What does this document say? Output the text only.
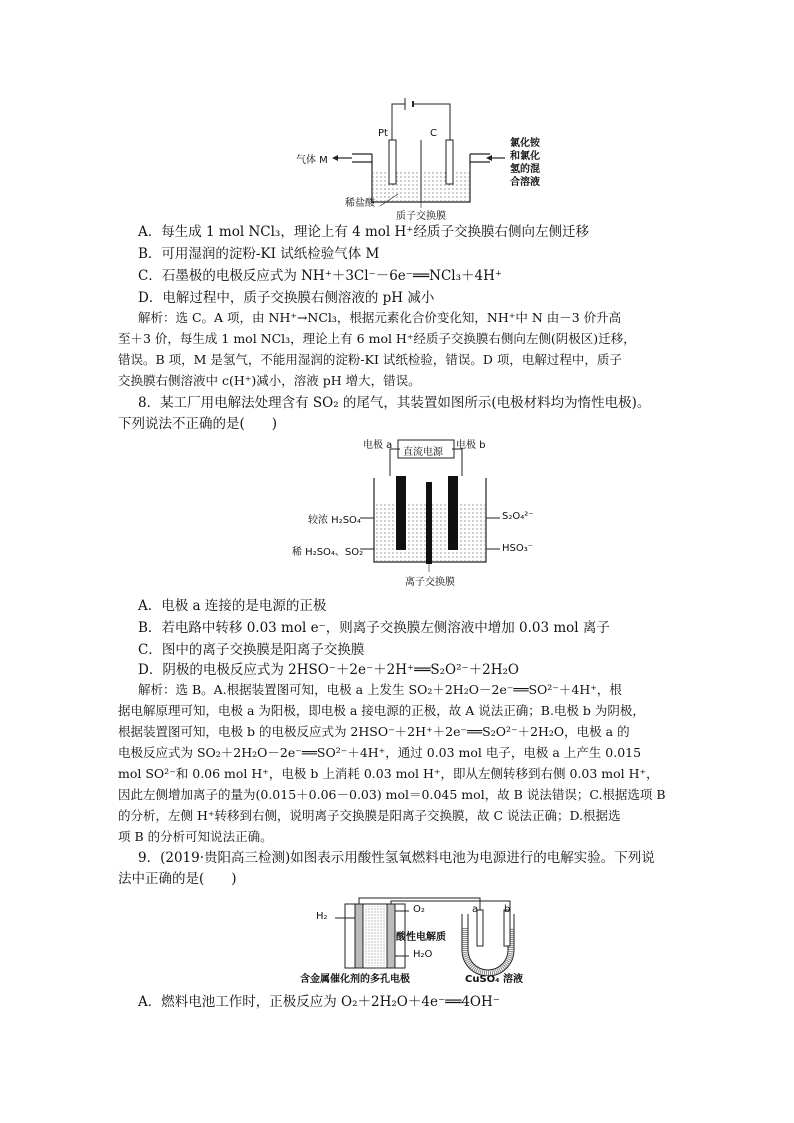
Pt	C
气体 M
氯化铵
和氯化
氢的混
合溶液
稀盐酸
质子交换膜
A．每生成 1 mol NCl₃，理论上有 4 mol H⁺经质子交换膜右侧向左侧迁移
B．可用湿润的淀粉-KI 试纸检验气体 M
C．石墨极的电极反应式为 NH⁺＋3Cl⁻－6e⁻══NCl₃＋4H⁺
D．电解过程中，质子交换膜右侧溶液的 pH 减小
解析：选 C。A 项，由 NH⁺→NCl₃，根据元素化合价变化知，NH⁺中 N 由－3 价升高
至＋3 价，每生成 1 mol NCl₃，理论上有 6 mol H⁺经质子交换膜右侧向左侧(阴极区)迁移，
错误。B 项，M 是氢气，不能用湿润的淀粉-KI 试纸检验，错误。D 项，电解过程中，质子
交换膜右侧溶液中 c(H⁺)减小，溶液 pH 增大，错误。
8．某工厂用电解法处理含有 SO₂ 的尾气，其装置如图所示(电极材料均为惰性电极)。
下列说法不正确的是(　　)
电极 a	电极 b
直流电源
较浓 H₂SO₄	S₂O₄²⁻
稀 H₂SO₄、SO₂	HSO₃⁻
离子交换膜
A．电极 a 连接的是电源的正极
B．若电路中转移 0.03 mol e⁻，则离子交换膜左侧溶液中增加 0.03 mol 离子
C．图中的离子交换膜是阳离子交换膜
D．阴极的电极反应式为 2HSO⁻＋2e⁻＋2H⁺══S₂O²⁻＋2H₂O
解析：选 B。A.根据装置图可知，电极 a 上发生 SO₂＋2H₂O－2e⁻══SO²⁻＋4H⁺，根
据电解原理可知，电极 a 为阳极，即电极 a 接电源的正极，故 A 说法正确；B.电极 b 为阴极，
根据装置图可知，电极 b 的电极反应式为 2HSO⁻＋2H⁺＋2e⁻══S₂O²⁻＋2H₂O，电极 a 的
电极反应式为 SO₂＋2H₂O－2e⁻══SO²⁻＋4H⁺，通过 0.03 mol 电子，电极 a 上产生 0.015
mol SO²⁻和 0.06 mol H⁺，电极 b 上消耗 0.03 mol H⁺，即从左侧转移到右侧 0.03 mol H⁺，
因此左侧增加离子的量为(0.015＋0.06－0.03) mol＝0.045 mol，故 B 说法错误；C.根据选项 B
的分析，左侧 H⁺转移到右侧，说明离子交换膜是阳离子交换膜，故 C 说法正确；D.根据选
项 B 的分析可知说法正确。
9．(2019·贵阳高三检测)如图表示用酸性氢氧燃料电池为电源进行的电解实验。下列说
法中正确的是(　　)
H₂
O₂
酸性电解质
H₂O
a	b
含金属催化剂的多孔电极	CuSO₄ 溶液
A．燃料电池工作时，正极反应为 O₂＋2H₂O＋4e⁻══4OH⁻
